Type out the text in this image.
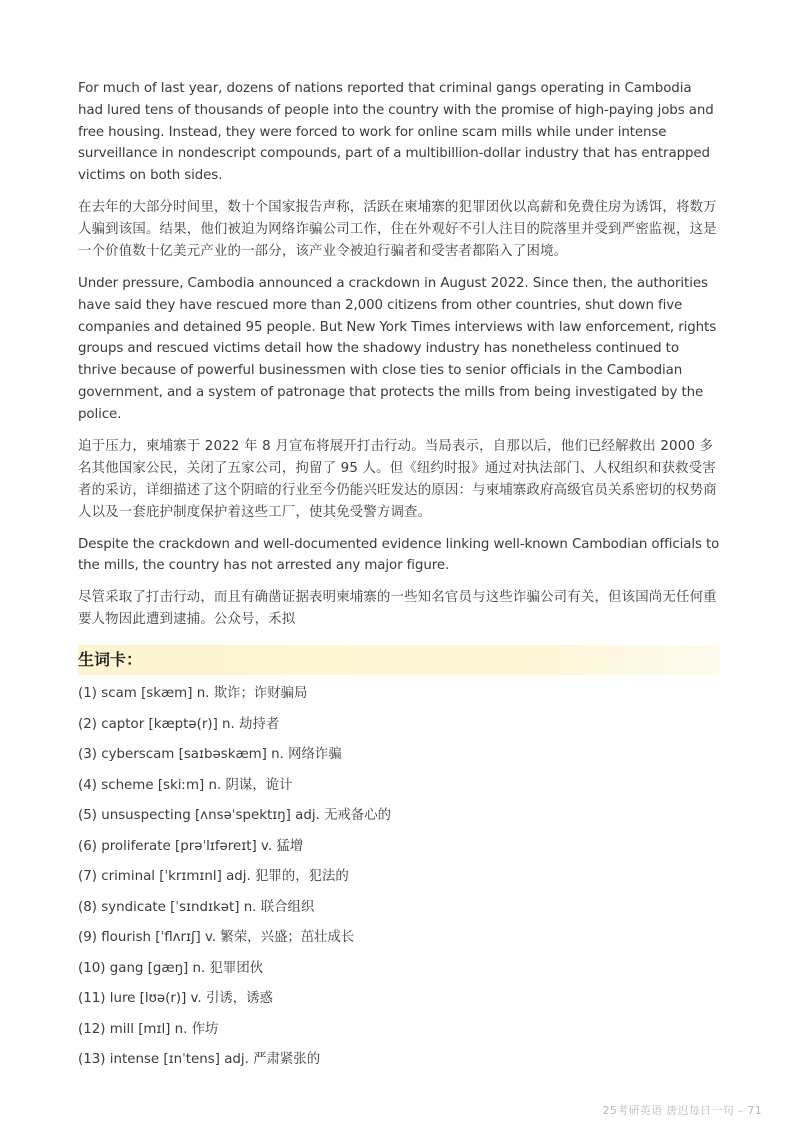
For much of last year, dozens of nations reported that criminal gangs operating in Cambodia had lured tens of thousands of people into the country with the promise of high-paying jobs and free housing. Instead, they were forced to work for online scam mills while under intense surveillance in nondescript compounds, part of a multibillion-dollar industry that has entrapped victims on both sides.

在去年的大部分时间里，数十个国家报告声称，活跃在柬埔寨的犯罪团伙以高薪和免费住房为诱饵，将数万人骗到该国。结果，他们被迫为网络诈骗公司工作，住在外观好不引人注目的院落里并受到严密监视，这是一个价值数十亿美元产业的一部分，该产业令被迫行骗者和受害者都陷入了困境。

Under pressure, Cambodia announced a crackdown in August 2022. Since then, the authorities have said they have rescued more than 2,000 citizens from other countries, shut down five companies and detained 95 people. But New York Times interviews with law enforcement, rights groups and rescued victims detail how the shadowy industry has nonetheless continued to thrive because of powerful businessmen with close ties to senior officials in the Cambodian government, and a system of patronage that protects the mills from being investigated by the police.

迫于压力，柬埔寨于 2022 年 8 月宣布将展开打击行动。当局表示，自那以后，他们已经解救出 2000 多名其他国家公民，关闭了五家公司，拘留了 95 人。但《纽约时报》通过对执法部门、人权组织和获救受害者的采访，详细描述了这个阴暗的行业至今仍能兴旺发达的原因：与柬埔寨政府高级官员关系密切的权势商人以及一套庇护制度保护着这些工厂，使其免受警方调查。

Despite the crackdown and well-documented evidence linking well-known Cambodian officials to the mills, the country has not arrested any major figure.

尽管采取了打击行动，而且有确凿证据表明柬埔寨的一些知名官员与这些诈骗公司有关，但该国尚无任何重要人物因此遭到逮捕。公众号，禾拟

生词卡：
(1) scam [skæm] n. 欺诈；诈财骗局
(2) captor [kæptə(r)] n. 劫持者
(3) cyberscam [saɪbəskæm] n. 网络诈骗
(4) scheme [skiːm] n. 阴谋，诡计
(5) unsuspecting [ʌnsəˈspektɪŋ] adj. 无戒备心的
(6) proliferate [prəˈlɪfəreɪt] v. 猛增
(7) criminal [ˈkrɪmɪnl] adj. 犯罪的，犯法的
(8) syndicate [ˈsɪndɪkət] n. 联合组织
(9) flourish [ˈflʌrɪʃ] v. 繁荣，兴盛；茁壮成长
(10) gang [gæŋ] n. 犯罪团伙
(11) lure [lʊə(r)] v. 引诱，诱惑
(12) mill [mɪl] n. 作坊
(13) intense [ɪnˈtens] adj. 严肃紧张的
25考研英语 唐迟每日一句 – 71
